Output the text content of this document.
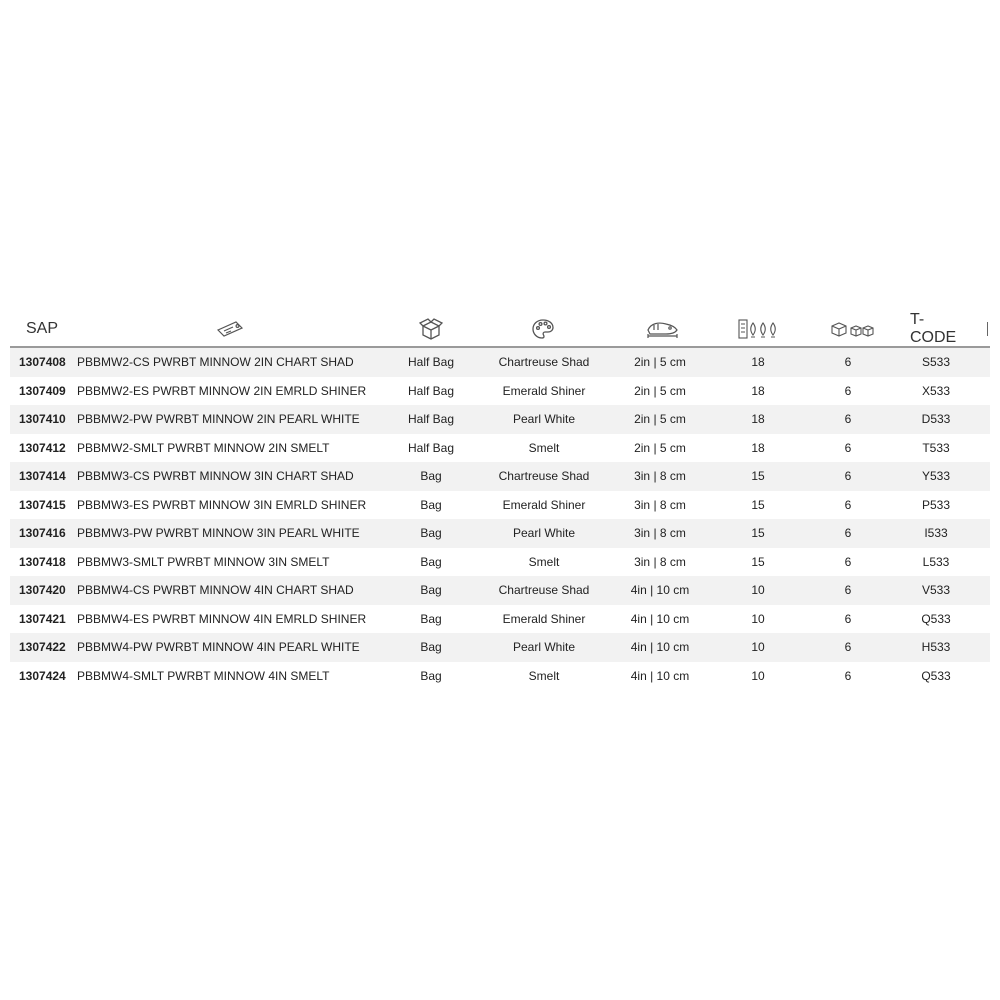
SAP
T-CODE
1307408 PBBMW2-CS PWRBT MINNOW 2IN CHART SHAD	Half Bag	Chartreuse Shad	2in | 5 cm	18	6	S533
1307409 PBBMW2-ES PWRBT MINNOW 2IN EMRLD SHINER	Half Bag	Emerald Shiner	2in | 5 cm	18	6	X533
1307410 PBBMW2-PW PWRBT MINNOW 2IN PEARL WHITE	Half Bag	Pearl White	2in | 5 cm	18	6	D533
1307412 PBBMW2-SMLT PWRBT MINNOW 2IN SMELT	Half Bag	Smelt	2in | 5 cm	18	6	T533
1307414 PBBMW3-CS PWRBT MINNOW 3IN CHART SHAD	Bag	Chartreuse Shad	3in | 8 cm	15	6	Y533
1307415 PBBMW3-ES PWRBT MINNOW 3IN EMRLD SHINER	Bag	Emerald Shiner	3in | 8 cm	15	6	P533
1307416 PBBMW3-PW PWRBT MINNOW 3IN PEARL WHITE	Bag	Pearl White	3in | 8 cm	15	6	I533
1307418 PBBMW3-SMLT PWRBT MINNOW 3IN SMELT	Bag	Smelt	3in | 8 cm	15	6	L533
1307420 PBBMW4-CS PWRBT MINNOW 4IN CHART SHAD	Bag	Chartreuse Shad	4in | 10 cm	10	6	V533
1307421 PBBMW4-ES PWRBT MINNOW 4IN EMRLD SHINER	Bag	Emerald Shiner	4in | 10 cm	10	6	Q533
1307422 PBBMW4-PW PWRBT MINNOW 4IN PEARL WHITE	Bag	Pearl White	4in | 10 cm	10	6	H533
1307424 PBBMW4-SMLT PWRBT MINNOW 4IN SMELT	Bag	Smelt	4in | 10 cm	10	6	Q533
